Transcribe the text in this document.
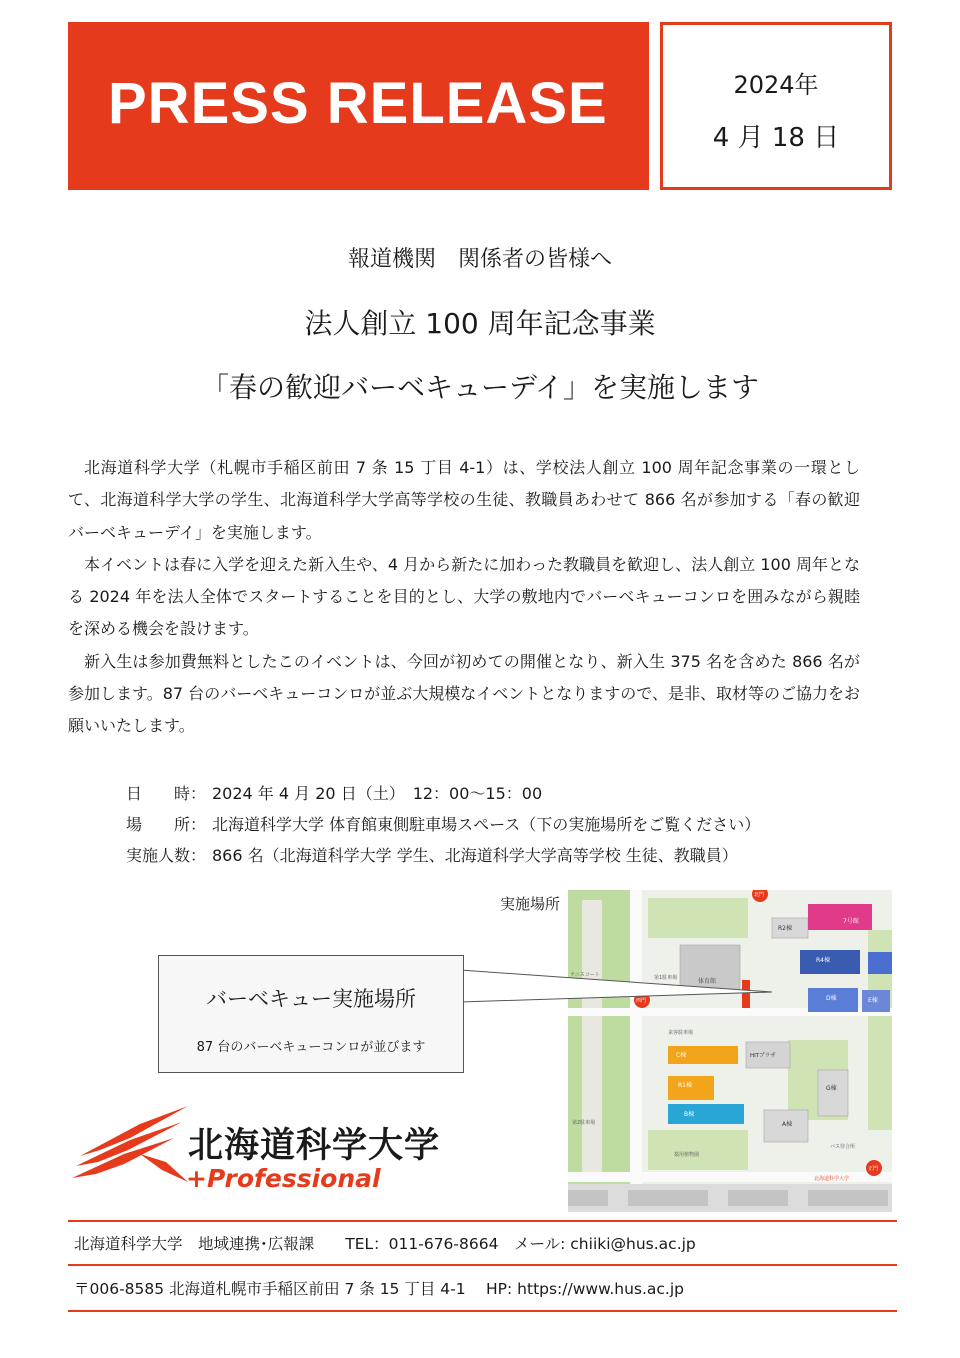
PRESS RELEASE	2024年
4 月 18 日
報道機関　関係者の皆様へ
法人創立 100 周年記念事業
「春の歓迎バーベキューデイ」を実施します

北海道科学大学（札幌市手稲区前田 7 条 15 丁目 4-1）は、学校法人創立 100 周年記念事業の一環として、北海道科学大学の学生、北海道科学大学高等学校の生徒、教職員あわせて 866 名が参加する「春の歓迎バーベキューデイ」を実施します。

本イベントは春に入学を迎えた新入生や、4 月から新たに加わった教職員を歓迎し、法人創立 100 周年となる 2024 年を法人全体でスタートすることを目的とし、大学の敷地内でバーベキューコンロを囲みながら親睦を深める機会を設けます。

新入生は参加費無料としたこのイベントは、今回が初めての開催となり、新入生 375 名を含めた 866 名が参加します。87 台のバーベキューコンロが並ぶ大規模なイベントとなりますので、是非、取材等のご協力をお願いいたします。

日　　時： 2024 年 4 月 20 日（土）　12：00～15：00
場　　所： 北海道科学大学 体育館東側駐車場スペース（下の実施場所をご覧ください）
実施人数： 866 名（北海道科学大学 学生、北海道科学大学高等学校 生徒、教職員）
実施場所
体育館
R2棟
7号館
R4棟
D棟	E棟
C棟	HITプラザ
G棟
R1棟
B棟
A棟
テニスコート	第1駐車場
来客駐車場
第2駐車場
薬用植物園
バス待合所
北海道科学大学
北門
西門
正門
バーベキュー実施場所
87 台のバーベキューコンロが並びます
北海道科学大学
+Professional
北海道科学大学　地域連携･広報課　　TEL：011-676-8664　メール: chiiki@hus.ac.jp
〒006-8585 北海道札幌市手稲区前田 7 条 15 丁目 4-1　 HP: https://www.hus.ac.jp
